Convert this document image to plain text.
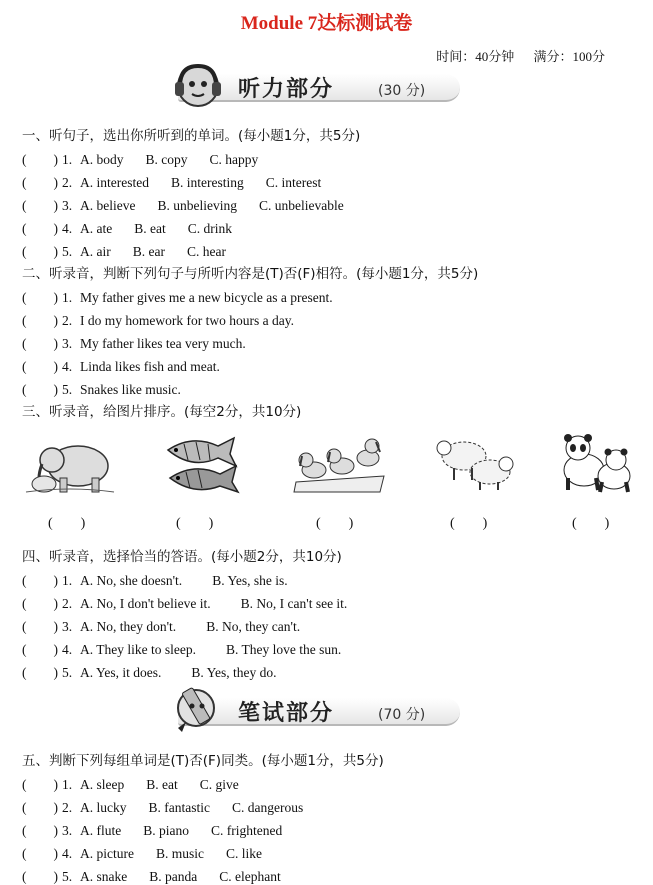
Module 7达标测试卷
时间：40分钟 满分：100分
听力部分	(30 分)
一、听句子，选出你所听到的单词。(每小题1分，共5分)
(　　) 1. A. body B. copy C. happy
(　　) 2. A. interested B. interesting C. interest
(　　) 3. A. believe B. unbelieving C. unbelievable
(　　) 4. A. ate B. eat C. drink
(　　) 5. A. air B. ear C. hear
二、听录音，判断下列句子与所听内容是(T)否(F)相符。(每小题1分，共5分)
(　　) 1. My father gives me a new bicycle as a present.
(　　) 2. I do my homework for two hours a day.
(　　) 3. My father likes tea very much.
(　　) 4. Linda likes fish and meat.
(　　) 5. Snakes like music.
三、听录音，给图片排序。(每空2分，共10分)
(　　)	(　　)	(　　)	(　　)	(　　)
四、听录音，选择恰当的答语。(每小题2分，共10分)
(　　) 1. A. No, she doesn't. B. Yes, she is.
(　　) 2. A. No, I don't believe it. B. No, I can't see it.
(　　) 3. A. No, they don't. B. No, they can't.
(　　) 4. A. They like to sleep. B. They love the sun.
(　　) 5. A. Yes, it does. B. Yes, they do.
笔试部分	(70 分)
五、判断下列每组单词是(T)否(F)同类。(每小题1分，共5分)
(　　) 1. A. sleep B. eat C. give
(　　) 2. A. lucky B. fantastic C. dangerous
(　　) 3. A. flute B. piano C. frightened
(　　) 4. A. picture B. music C. like
(　　) 5. A. snake B. panda C. elephant
